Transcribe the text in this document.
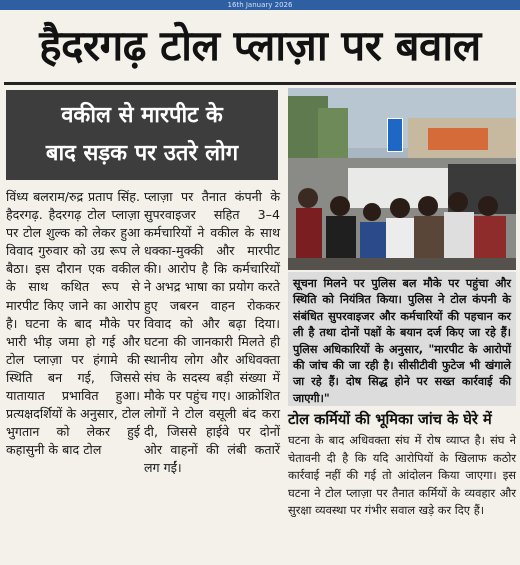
16th January 2026
हैदरगढ़ टोल प्लाज़ा पर बवाल
वकील से मारपीट के
बाद सड़क पर उतरे लोग
विंध्य बलराम/रुद्र प्रताप सिंह. हैदरगढ़. हैदरगढ़ टोल प्लाज़ा पर टोल शुल्क को लेकर हुआ विवाद गुरुवार को उग्र रूप ले बैठा। इस दौरान एक वकील के साथ कथित रूप से मारपीट किए जाने का आरोप है। घटना के बाद मौके पर भारी भीड़ जमा हो गई और टोल प्लाज़ा पर हंगामे की स्थिति बन गई, जिससे यातायात प्रभावित हुआ। प्रत्यक्षदर्शियों के अनुसार, टोल भुगतान को लेकर हुई कहासुनी के बाद टोल
प्लाज़ा पर तैनात कंपनी के सुपरवाइजर सहित 3–4 कर्मचारियों ने वकील के साथ धक्का-मुक्की और मारपीट की। आरोप है कि कर्मचारियों ने अभद्र भाषा का प्रयोग करते हुए जबरन वाहन रोककर विवाद को और बढ़ा दिया। घटना की जानकारी मिलते ही स्थानीय लोग और अधिवक्ता संघ के सदस्य बड़ी संख्या में मौके पर पहुंच गए। आक्रोशित लोगों ने टोल वसूली बंद करा दी, जिससे हाईवे पर दोनों ओर वाहनों की लंबी कतारें लग गईं।
सूचना मिलने पर पुलिस बल मौके पर पहुंचा और स्थिति को नियंत्रित किया। पुलिस ने टोल कंपनी के संबंधित सुपरवाइजर और कर्मचारियों की पहचान कर ली है तथा दोनों पक्षों के बयान दर्ज किए जा रहे हैं। पुलिस अधिकारियों के अनुसार, "मारपीट के आरोपों की जांच की जा रही है। सीसीटीवी फुटेज भी खंगाले जा रहे हैं। दोष सिद्ध होने पर सख्त कार्रवाई की जाएगी।"
टोल कर्मियों की भूमिका जांच के घेरे में
घटना के बाद अधिवक्ता संघ में रोष व्याप्त है। संघ ने चेतावनी दी है कि यदि आरोपियों के खिलाफ कठोर कार्रवाई नहीं की गई तो आंदोलन किया जाएगा। इस घटना ने टोल प्लाज़ा पर तैनात कर्मियों के व्यवहार और सुरक्षा व्यवस्था पर गंभीर सवाल खड़े कर दिए हैं।
